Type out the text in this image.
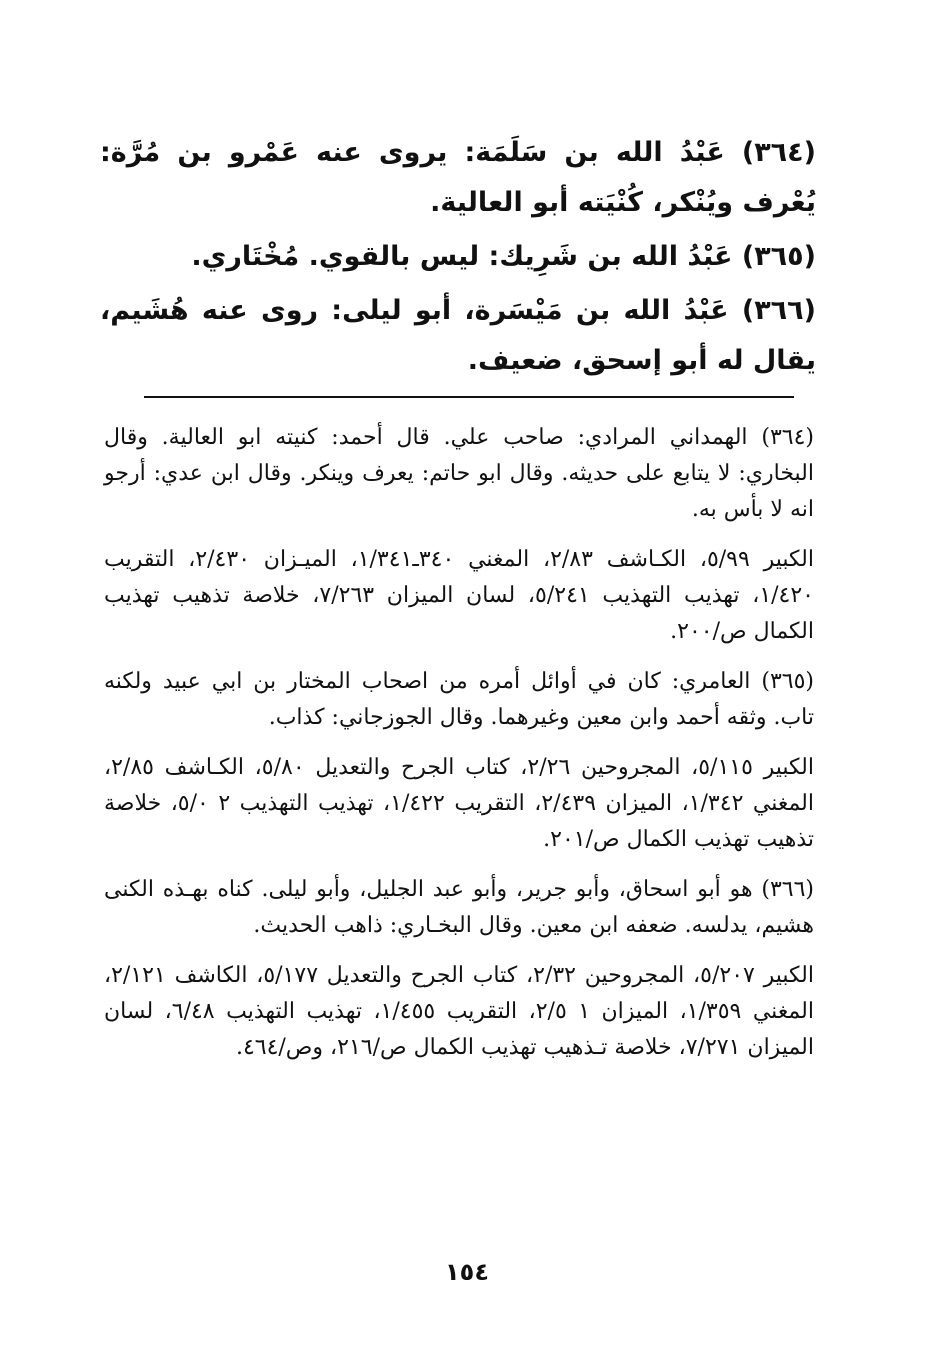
(٣٦٤) عَبْدُ الله بن سَلَمَة: يروى عنه عَمْرو بن مُرَّة: يُعْرف ويُنْكر، كُنْيَته أبو العالية.

(٣٦٥) عَبْدُ الله بن شَرِيك: ليس بالقوي. مُخْتَاري.

(٣٦٦) عَبْدُ الله بن مَيْسَرة، أبو ليلى: روى عنه هُشَيم، يقال له أبو إسحق، ضعيف.

(٣٦٤) الهمداني المرادي: صاحب علي. قال أحمد: كنيته ابو العالية. وقال البخاري: لا يتابع على حديثه. وقال ابو حاتم: يعرف وينكر. وقال ابن عدي: أرجو انه لا بأس به.

الكبير ٥/٩٩، الكـاشف ٢/٨٣، المغني ٣٤٠ـ١/٣٤١، الميـزان ٢/٤٣٠، التقريب ١/٤٢٠، تهذيب التهذيب ٥/٢٤١، لسان الميزان ٧/٢٦٣، خلاصة تذهيب تهذيب الكمال ص/٢٠٠.

(٣٦٥) العامري: كان في أوائل أمره من اصحاب المختار بن ابي عبيد ولكنه تاب. وثقه أحمد وابن معين وغيرهما. وقال الجوزجاني: كذاب.

الكبير ٥/١١٥، المجروحين ٢/٢٦، كتاب الجرح والتعديل ٥/٨٠، الكـاشف ٢/٨٥، المغني ١/٣٤٢، الميزان ٢/٤٣٩، التقريب ١/٤٢٢، تهذيب التهذيب ٢ ٥/٠، خلاصة تذهيب تهذيب الكمال ص/٢٠١.

(٣٦٦) هو أبو اسحاق، وأبو جرير، وأبو عبد الجليل، وأبو ليلى. كناه بهـذه الكنى هشيم، يدلسه. ضعفه ابن معين. وقال البخـاري: ذاهب الحديث.

الكبير ٥/٢٠٧، المجروحين ٢/٣٢، كتاب الجرح والتعديل ٥/١٧٧، الكاشف ٢/١٢١، المغني ١/٣٥٩، الميزان ١ ٢/٥، التقريب ١/٤٥٥، تهذيب التهذيب ٦/٤٨، لسان الميزان ٧/٢٧١، خلاصة تـذهيب تهذيب الكمال ص/٢١٦، وص/٤٦٤.

١٥٤
